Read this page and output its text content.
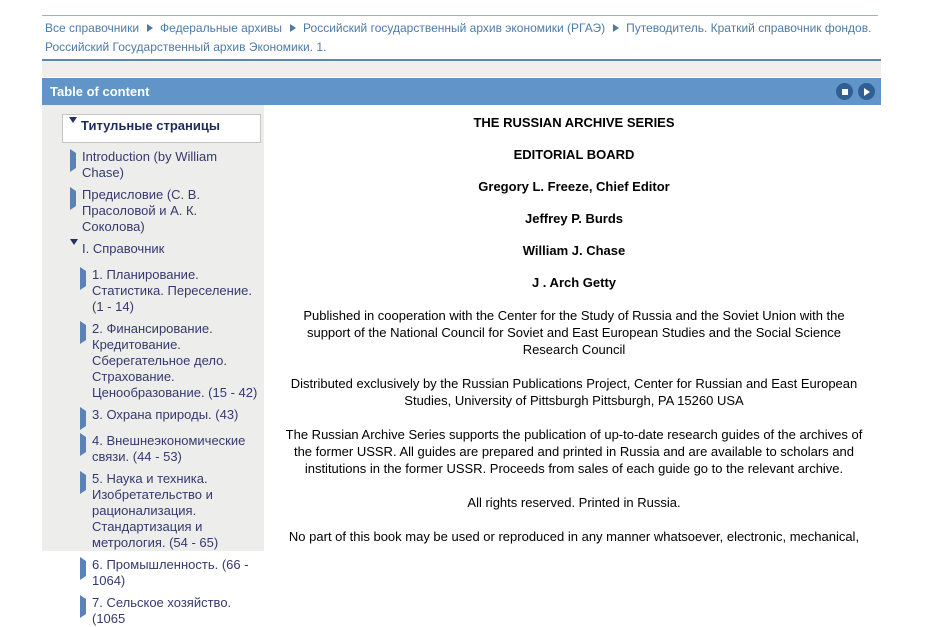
Все справочники Федеральные архивы Российский государственный архив экономики (РГАЭ) Путеводитель. Краткий справочник фондов. Российский Государственный архив Экономики. 1.
Table of content
Титульные страницы
Introduction (by William Chase)
Предисловие (С. В. Прасоловой и А. К. Соколова)
I. Справочник
1. Планирование. Статистика. Переселение. (1 - 14)
2. Финансирование. Кредитование. Сберегательное дело. Страхование. Ценообразование. (15 - 42)
3. Охрана природы. (43)
4. Внешнеэкономические связи. (44 - 53)
5. Наука и техника. Изобретательство и рационализация. Стандартизация и метрология. (54 - 65)
6. Промышленность. (66 - 1064)
7. Сельское хозяйство. (1065

THE RUSSIAN ARCHIVE SERIES

EDITORIAL BOARD

Gregory L. Freeze, Chief Editor

Jeffrey P. Burds

William J. Chase

J . Arch Getty

Published in cooperation with the Center for the Study of Russia and the Soviet Union with the support of the National Council for Soviet and East European Studies and the Social Science Research Council

Distributed exclusively by the Russian Publications Project, Center for Russian and East European Studies, University of Pittsburgh Pittsburgh, PA 15260 USA

The Russian Archive Series supports the publication of up-to-date research guides of the archives of the former USSR. All guides are prepared and printed in Russia and are available to scholars and institutions in the former USSR. Proceeds from sales of each guide go to the relevant archive.

All rights reserved. Printed in Russia.

No part of this book may be used or reproduced in any manner whatsoever, electronic, mechanical,
